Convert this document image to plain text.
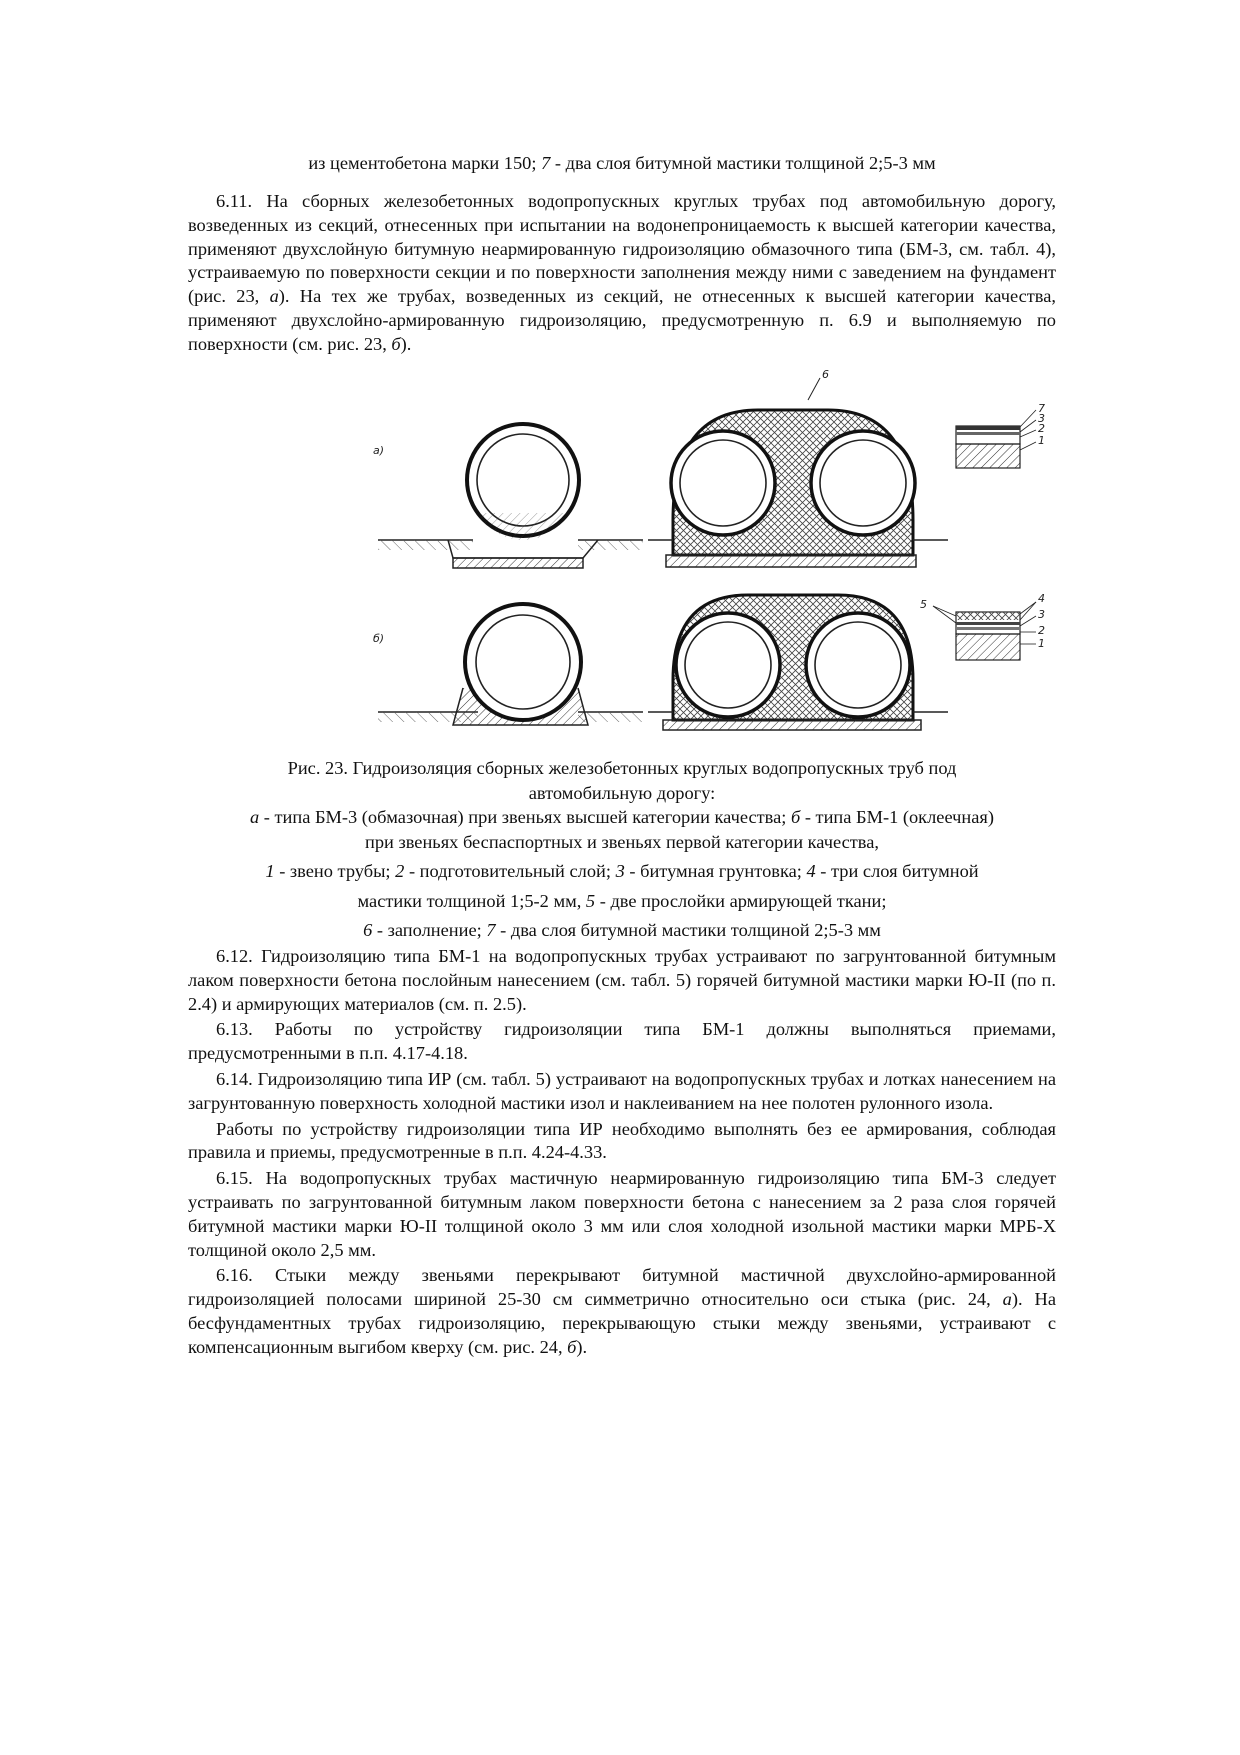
из цементобетона марки 150; 7 - два слоя битумной мастики толщиной 2;5-3 мм

6.11. На сборных железобетонных водопропускных круглых трубах под автомобильную дорогу, возведенных из секций, отнесенных при испытании на водонепроницаемость к высшей категории качества, применяют двухслойную битумную неармированную гидроизоляцию обмазочного типа (БМ-3, см. табл. 4), устраиваемую по поверхности секции и по поверхности заполнения между ними с заведением на фундамент (рис. 23, а). На тех же трубах, возведенных из секций, не отнесенных к высшей категории качества, применяют двухслойно-армированную гидроизоляцию, предусмотренную п. 6.9 и выполняемую по поверхности (см. рис. 23, б).

а)
6
7
3
2
1
б)
4
5
3
2
1
Рис. 23. Гидроизоляция сборных железобетонных круглых водопропускных труб под
автомобильную дорогу:
а - типа БМ-3 (обмазочная) при звеньях высшей категории качества; б - типа БМ-1 (оклеечная)
при звеньях беспаспортных и звеньях первой категории качества,
1 - звено трубы; 2 - подготовительный слой; 3 - битумная грунтовка; 4 - три слоя битумной
мастики толщиной 1;5-2 мм, 5 - две прослойки армирующей ткани;
6 - заполнение; 7 - два слоя битумной мастики толщиной 2;5-3 мм

6.12. Гидроизоляцию типа БМ-1 на водопропускных трубах устраивают по загрунтованной битумным лаком поверхности бетона послойным нанесением (см. табл. 5) горячей битумной мастики марки Ю-II (по п. 2.4) и армирующих материалов (см. п. 2.5).

6.13. Работы по устройству гидроизоляции типа БМ-1 должны выполняться приемами, предусмотренными в п.п. 4.17-4.18.

6.14. Гидроизоляцию типа ИР (см. табл. 5) устраивают на водопропускных трубах и лотках нанесением на загрунтованную поверхность холодной мастики изол и наклеиванием на нее полотен рулонного изола.

Работы по устройству гидроизоляции типа ИР необходимо выполнять без ее армирования, соблюдая правила и приемы, предусмотренные в п.п. 4.24-4.33.

6.15. На водопропускных трубах мастичную неармированную гидроизоляцию типа БМ-3 следует устраивать по загрунтованной битумным лаком поверхности бетона с нанесением за 2 раза слоя горячей битумной мастики марки Ю-II толщиной около 3 мм или слоя холодной изольной мастики марки МРБ-Х толщиной около 2,5 мм.

6.16. Стыки между звеньями перекрывают битумной мастичной двухслойно-армированной гидроизоляцией полосами шириной 25-30 см симметрично относительно оси стыка (рис. 24, а). На бесфундаментных трубах гидроизоляцию, перекрывающую стыки между звеньями, устраивают с компенсационным выгибом кверху (см. рис. 24, б).
